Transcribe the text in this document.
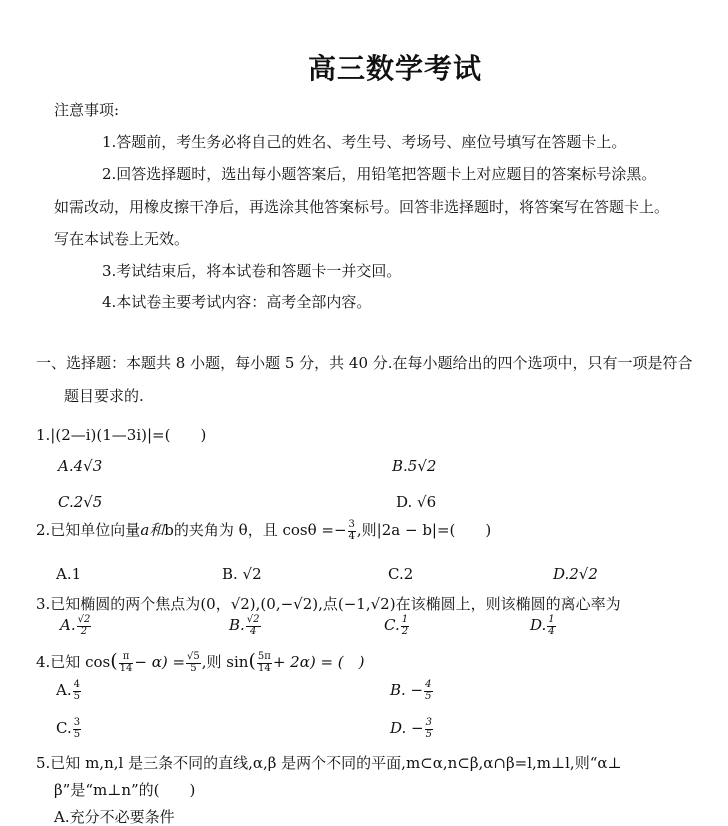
高三数学考试
注意事项:
1.答题前，考生务必将自己的姓名、考生号、考场号、座位号填写在答题卡上。
2.回答选择题时，选出每小题答案后，用铅笔把答题卡上对应题目的答案标号涂黑。
如需改动，用橡皮擦干净后，再选涂其他答案标号。回答非选择题时，将答案写在答题卡上。
写在本试卷上无效。
3.考试结束后，将本试卷和答题卡一并交回。
4.本试卷主要考试内容：高考全部内容。
一、选择题：本题共 8 小题，每小题 5 分，共 40 分.在每小题给出的四个选项中，只有一项是符合
题目要求的.
1.|(2—i)(1—3i)|=(　　)
A.4√3	B.5√2
C.2√5	D. √6
2.已知单位向量a和b的夹角为 θ，且 $\cos\theta =- \frac{3}{4}$ ,则|2a − b|=(　　)
A.1	B. √2	C.2	D.2√2
3.已知椭圆的两个焦点为(0，√2),(0,−√2),点(−1,√2)在该椭圆上，则该椭圆的离心率为
A. $\frac{√2}{2}$	B. $\frac{√2}{4}$	C. $\frac{1}{2}$	D. $\frac{1}{4}$
4.已知 $\cos( \frac{\pi}{14} - \alpha) = \frac{√5}{5}$ ,则 $\sin( \frac{5\pi}{14} + 2\alpha)$ = (　)
A. $\frac{4}{5}$	B. − $\frac{4}{5}$
C. $\frac{3}{5}$	D. − $\frac{3}{5}$
5.已知 m,n,l 是三条不同的直线,α,β 是两个不同的平面,m⊂α,n⊂β,α∩β=l,m⊥l,则“α⊥
β”是“m⊥n”的(　　)
A.充分不必要条件
